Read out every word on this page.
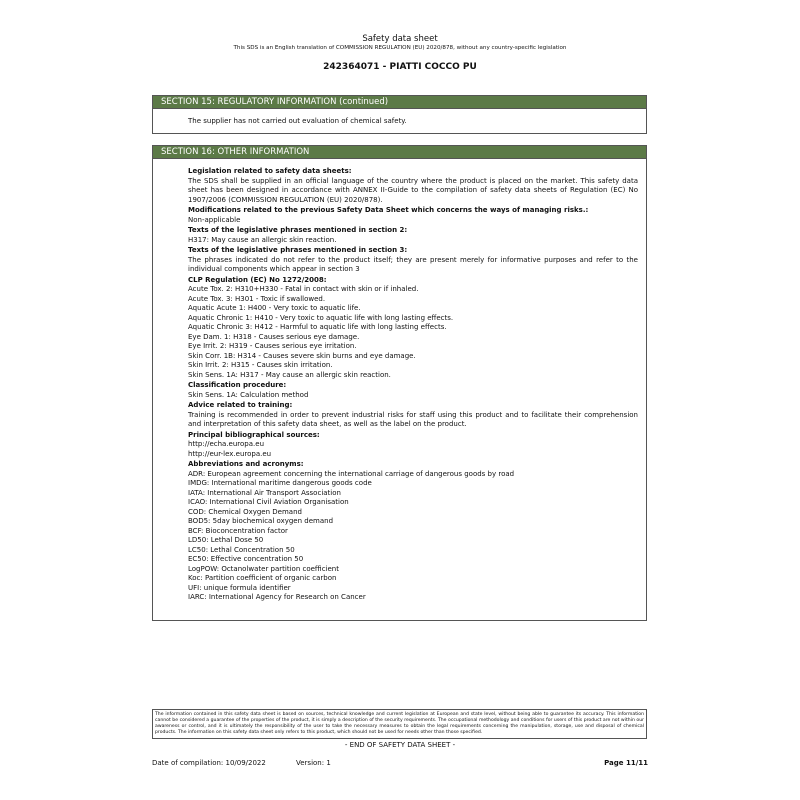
Safety data sheet
This SDS is an English translation of COMMISSION REGULATION (EU) 2020/878, without any country-specific legislation
242364071 - PIATTI COCCO PU
SECTION 15: REGULATORY INFORMATION (continued)
The supplier has not carried out evaluation of chemical safety.
SECTION 16: OTHER INFORMATION
Legislation related to safety data sheets:
The SDS shall be supplied in an official language of the country where the product is placed on the market. This safety data sheet has been designed in accordance with ANNEX II-Guide to the compilation of safety data sheets of Regulation (EC) No 1907/2006 (COMMISSION REGULATION (EU) 2020/878).
Modifications related to the previous Safety Data Sheet which concerns the ways of managing risks.:
Non-applicable
Texts of the legislative phrases mentioned in section 2:
H317: May cause an allergic skin reaction.
Texts of the legislative phrases mentioned in section 3:
The phrases indicated do not refer to the product itself; they are present merely for informative purposes and refer to the individual components which appear in section 3
CLP Regulation (EC) No 1272/2008:
Acute Tox. 2: H310+H330 - Fatal in contact with skin or if inhaled.
Acute Tox. 3: H301 - Toxic if swallowed.
Aquatic Acute 1: H400 - Very toxic to aquatic life.
Aquatic Chronic 1: H410 - Very toxic to aquatic life with long lasting effects.
Aquatic Chronic 3: H412 - Harmful to aquatic life with long lasting effects.
Eye Dam. 1: H318 - Causes serious eye damage.
Eye Irrit. 2: H319 - Causes serious eye irritation.
Skin Corr. 1B: H314 - Causes severe skin burns and eye damage.
Skin Irrit. 2: H315 - Causes skin irritation.
Skin Sens. 1A: H317 - May cause an allergic skin reaction.
Classification procedure:
Skin Sens. 1A: Calculation method
Advice related to training:
Training is recommended in order to prevent industrial risks for staff using this product and to facilitate their comprehension and interpretation of this safety data sheet, as well as the label on the product.
Principal bibliographical sources:
http://echa.europa.eu
http://eur-lex.europa.eu
Abbreviations and acronyms:
ADR: European agreement concerning the international carriage of dangerous goods by road
IMDG: International maritime dangerous goods code
IATA: International Air Transport Association
ICAO: International Civil Aviation Organisation
COD: Chemical Oxygen Demand
BOD5: 5day biochemical oxygen demand
BCF: Bioconcentration factor
LD50: Lethal Dose 50
LC50: Lethal Concentration 50
EC50: Effective concentration 50
LogPOW: Octanolwater partition coefficient
Koc: Partition coefficient of organic carbon
UFI: unique formula identifier
IARC: International Agency for Research on Cancer
The information contained in this safety data sheet is based on sources, technical knowledge and current legislation at European and state level, without being able to guarantee its accuracy. This information cannot be considered a guarantee of the properties of the product, it is simply a description of the security requirements. The occupational methodology and conditions for users of this product are not within our awareness or control, and it is ultimately the responsibility of the user to take the necessary measures to obtain the legal requirements concerning the manipulation, storage, use and disposal of chemical products. The information on this safety data sheet only refers to this product, which should not be used for needs other than those specified.
- END OF SAFETY DATA SHEET -
Date of compilation: 10/09/2022	Version: 1	Page 11/11
